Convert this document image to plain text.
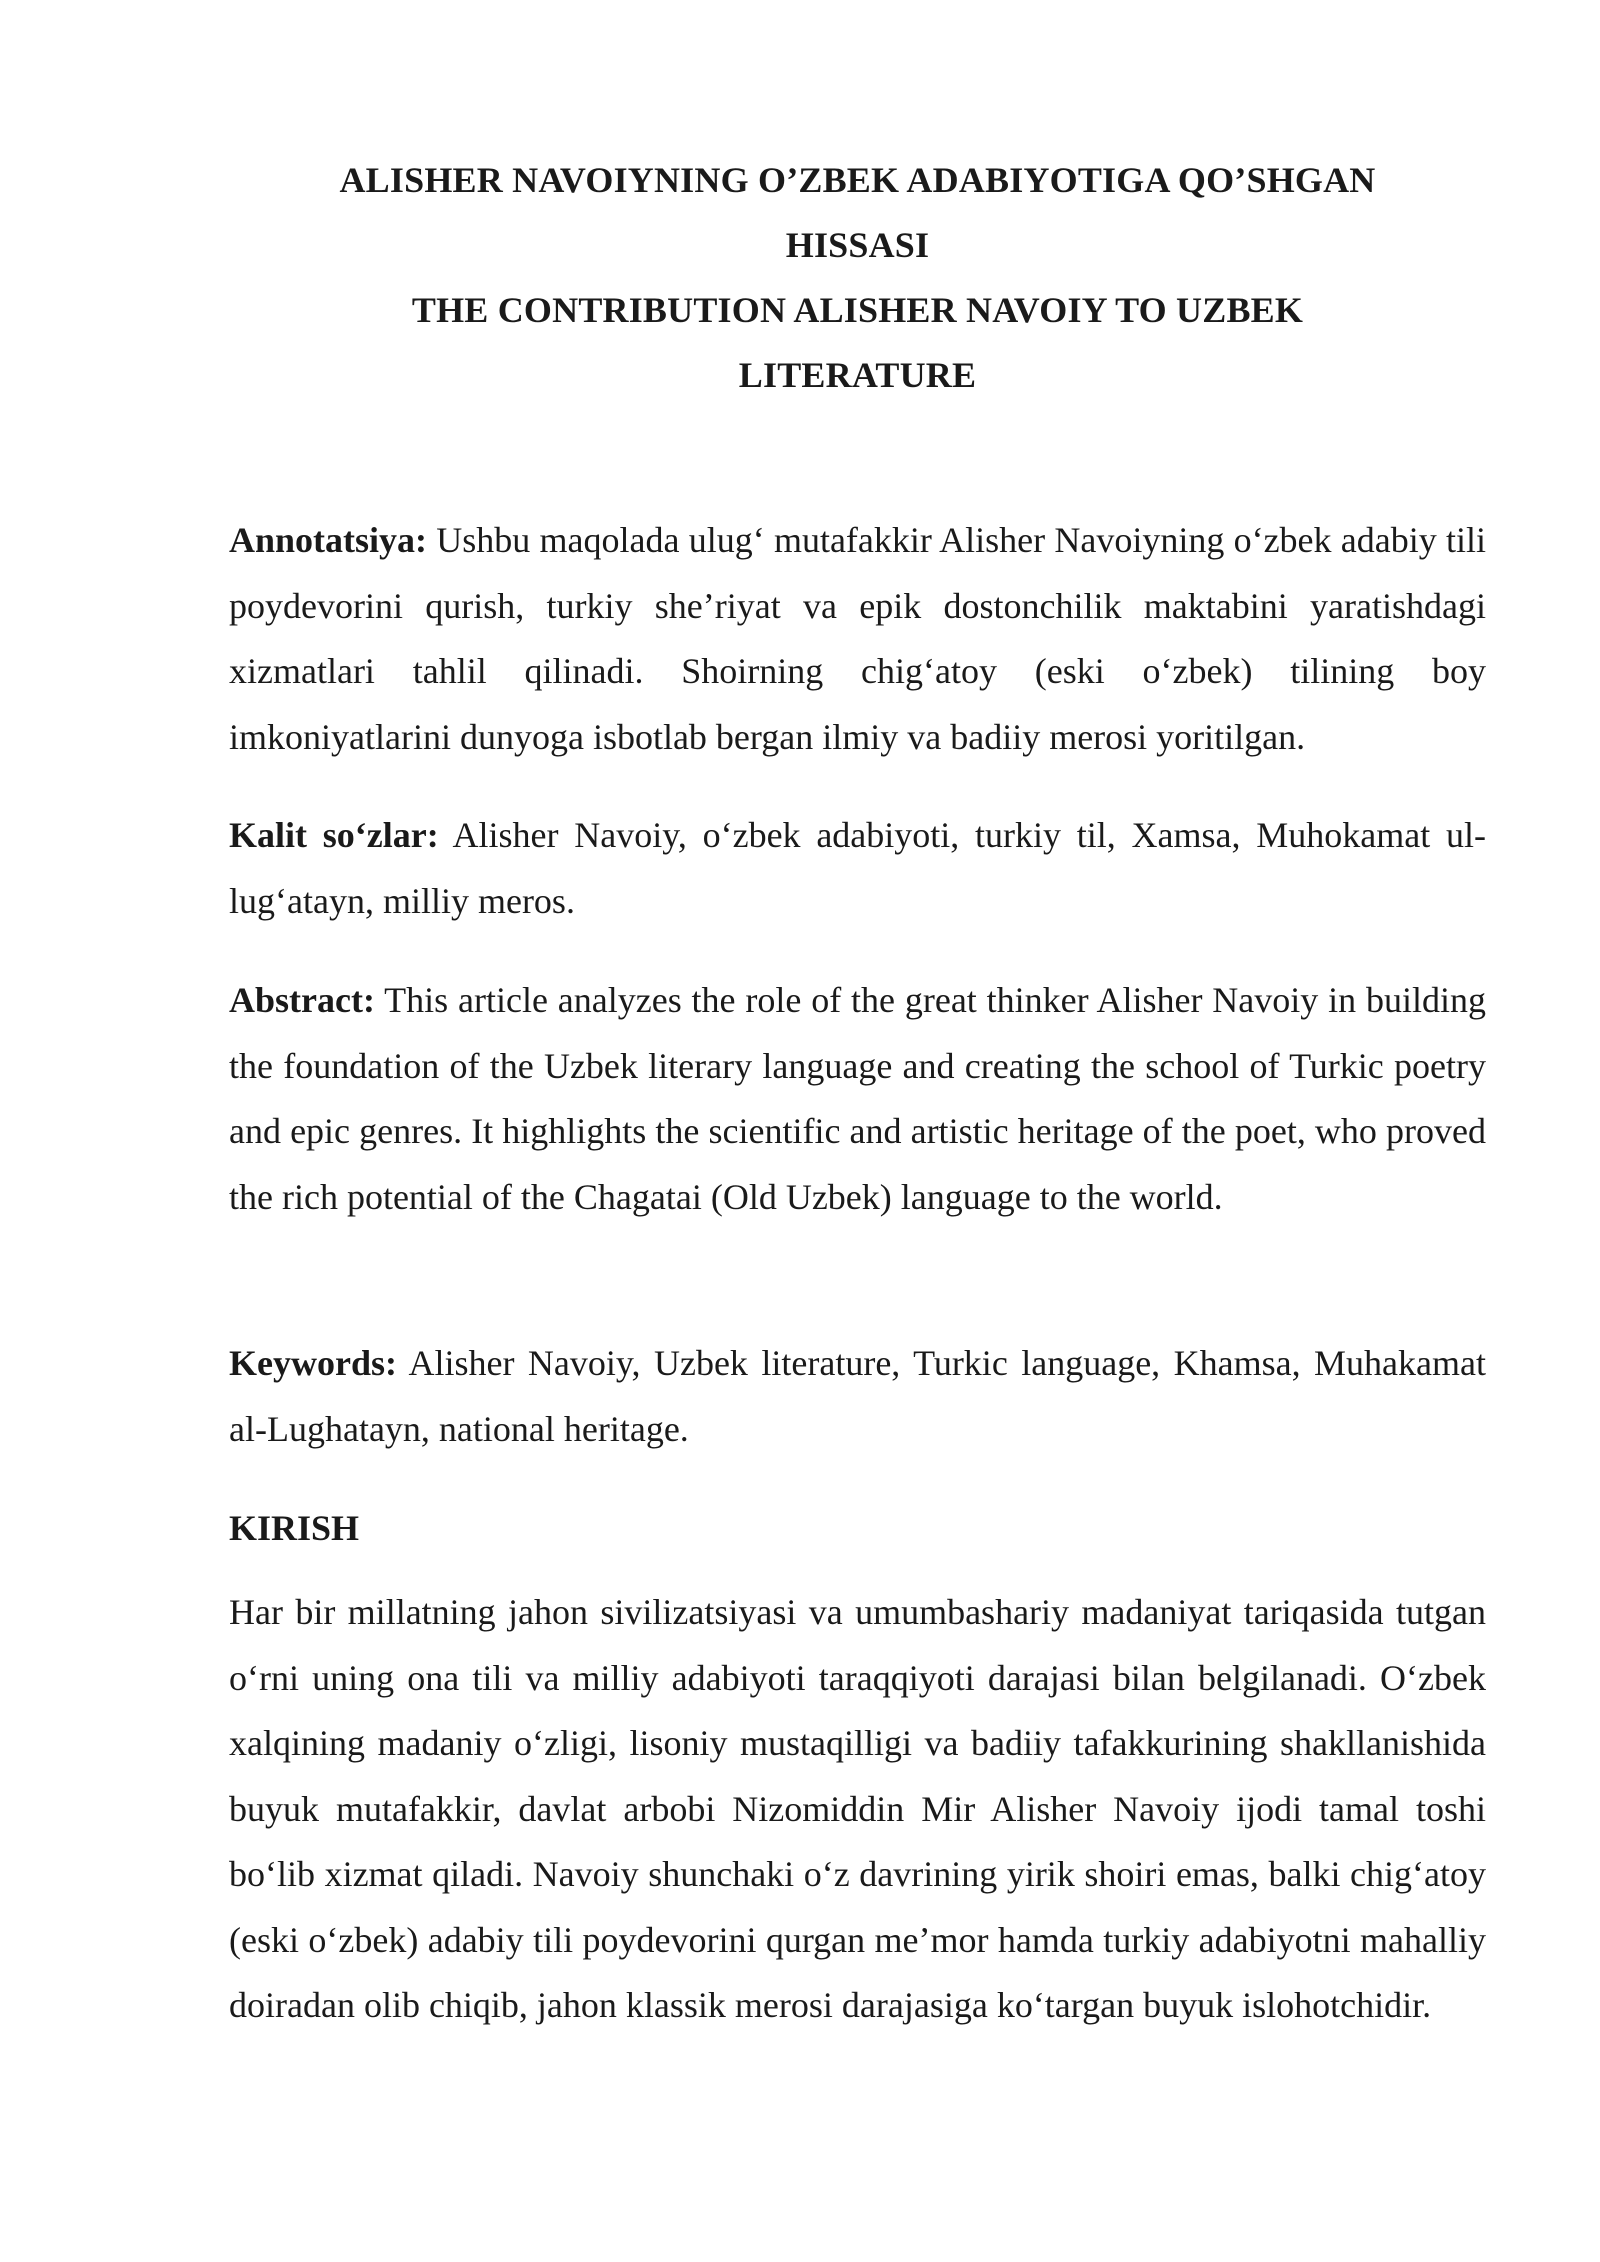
ALISHER NAVOIYNING O’ZBEK ADABIYOTIGA QO’SHGAN
HISSASI
THE CONTRIBUTION ALISHER NAVOIY TO UZBEK
LITERATURE

Annotatsiya: Ushbu maqolada ulugʻ mutafakkir Alisher Navoiyning oʻzbek adabiy tili poydevorini qurish, turkiy sheʼriyat va epik dostonchilik maktabini yaratishdagi xizmatlari tahlil qilinadi. Shoirning chigʻatoy (eski oʻzbek) tilining boy imkoniyatlarini dunyoga isbotlab bergan ilmiy va badiiy merosi yoritilgan.

Kalit soʻzlar: Alisher Navoiy, oʻzbek adabiyoti, turkiy til, Xamsa, Muhokamat ul-lugʻatayn, milliy meros.

Abstract: This article analyzes the role of the great thinker Alisher Navoiy in building the foundation of the Uzbek literary language and creating the school of Turkic poetry and epic genres. It highlights the scientific and artistic heritage of the poet, who proved the rich potential of the Chagatai (Old Uzbek) language to the world.

Keywords: Alisher Navoiy, Uzbek literature, Turkic language, Khamsa, Muhakamat al-Lughatayn, national heritage.

KIRISH

Har bir millatning jahon sivilizatsiyasi va umumbashariy madaniyat tariqasida tutgan oʻrni uning ona tili va milliy adabiyoti taraqqiyoti darajasi bilan belgilanadi. Oʻzbek xalqining madaniy oʻzligi, lisoniy mustaqilligi va badiiy tafakkurining shakllanishida buyuk mutafakkir, davlat arbobi Nizomiddin Mir Alisher Navoiy ijodi tamal toshi boʻlib xizmat qiladi. Navoiy shunchaki oʻz davrining yirik shoiri emas, balki chigʻatoy (eski oʻzbek) adabiy tili poydevorini qurgan meʼmor hamda turkiy adabiyotni mahalliy doiradan olib chiqib, jahon klassik merosi darajasiga koʻtargan buyuk islohotchidir.
